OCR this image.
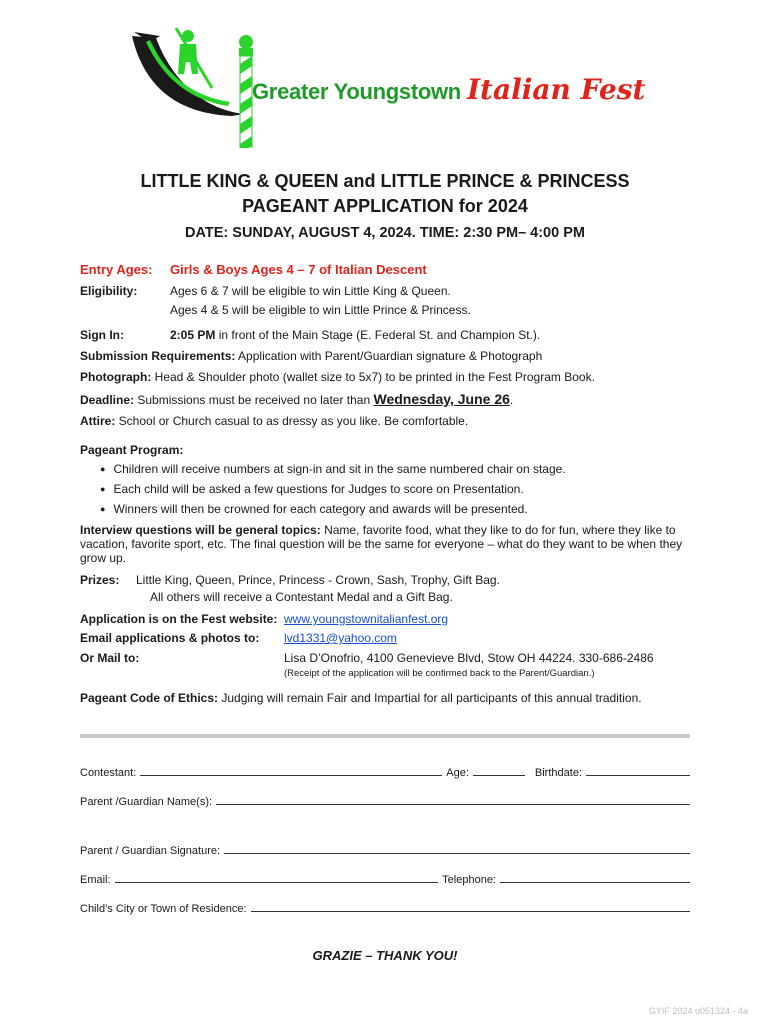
Greater Youngstown Italian Fest
LITTLE KING & QUEEN and LITTLE PRINCE & PRINCESS
PAGEANT APPLICATION for 2024
DATE: SUNDAY, AUGUST 4, 2024. TIME: 2:30 PM– 4:00 PM
Entry Ages: Girls & Boys Ages 4 – 7 of Italian Descent
Eligibility:	Ages 6 & 7 will be eligible to win Little King & Queen.
Ages 4 & 5 will be eligible to win Little Prince & Princess.
Sign In:	2:05 PM in front of the Main Stage (E. Federal St. and Champion St.).
Submission Requirements: Application with Parent/Guardian signature & Photograph
Photograph: Head & Shoulder photo (wallet size to 5x7) to be printed in the Fest Program Book.
Deadline: Submissions must be received no later than Wednesday, June 26.
Attire: School or Church casual to as dressy as you like. Be comfortable.
Pageant Program:
● Children will receive numbers at sign-in and sit in the same numbered chair on stage.
● Each child will be asked a few questions for Judges to score on Presentation.
● Winners will then be crowned for each category and awards will be presented.
Interview questions will be general topics: Name, favorite food, what they like to do for fun, where they like to vacation, favorite sport, etc. The final question will be the same for everyone – what do they want to be when they grow up.
Prizes: Little King, Queen, Prince, Princess - Crown, Sash, Trophy, Gift Bag.
All others will receive a Contestant Medal and a Gift Bag.
Application is on the Fest website: www.youngstownitalianfest.org
Email applications & photos to: lvd1331@yahoo.com
Or Mail to:	Lisa D’Onofrio, 4100 Genevieve Blvd, Stow OH 44224. 330-686-2486
(Receipt of the application will be confirmed back to the Parent/Guardian.)
Pageant Code of Ethics: Judging will remain Fair and Impartial for all participants of this annual tradition.
Contestant:	Age:	Birthdate:
Parent /Guardian Name(s):
Parent / Guardian Signature:
Email:	Telephone:
Child’s City or Town of Residence:
GRAZIE – THANK YOU!
GYIF 2024 u051324 - 4a
